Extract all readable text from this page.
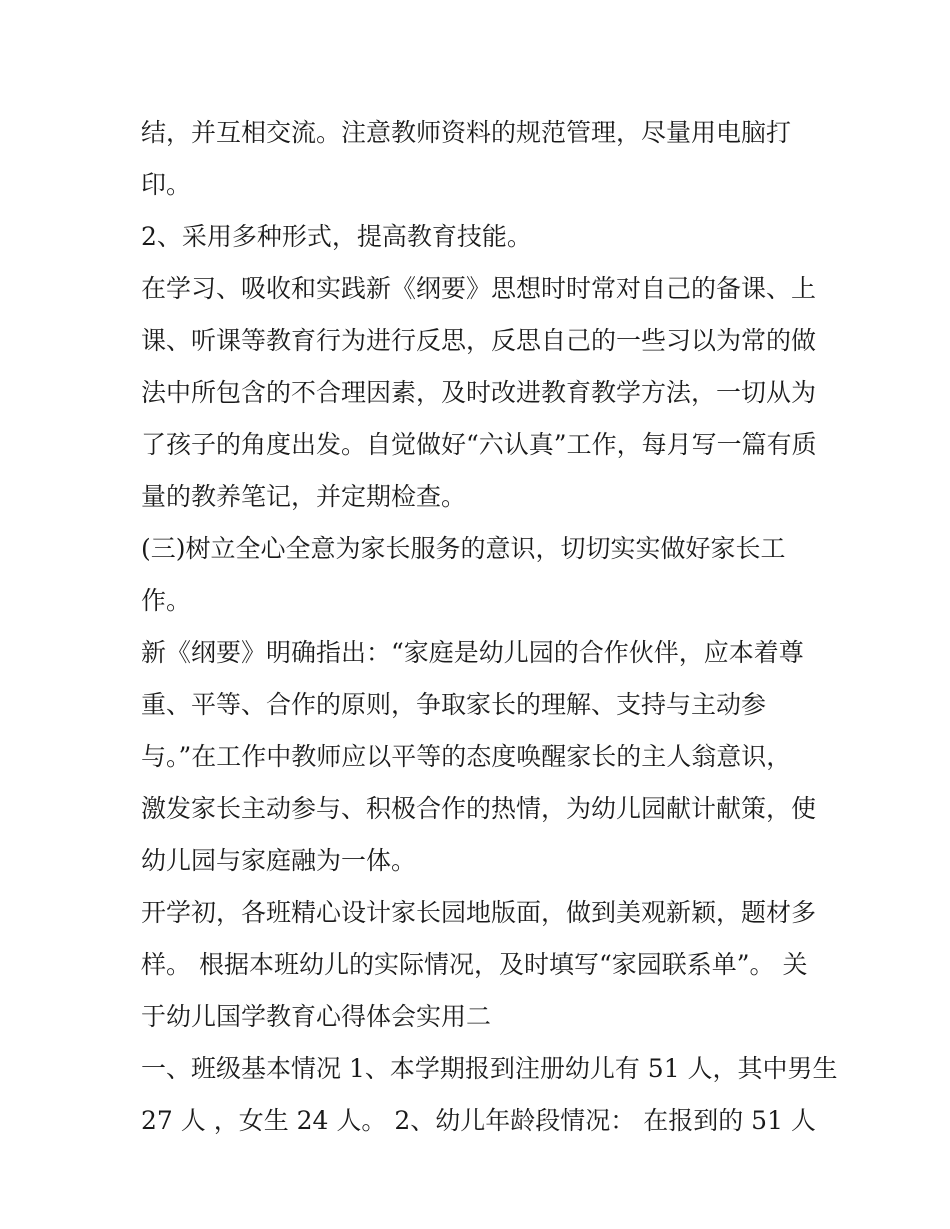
结，并互相交流。注意教师资料的规范管理，尽量用电脑打

印。

2、采用多种形式，提高教育技能。

在学习、吸收和实践新《纲要》思想时时常对自己的备课、上

课、听课等教育行为进行反思，反思自己的一些习以为常的做

法中所包含的不合理因素，及时改进教育教学方法，一切从为

了孩子的角度出发。自觉做好“六认真”工作，每月写一篇有质

量的教养笔记，并定期检查。

(三)树立全心全意为家长服务的意识，切切实实做好家长工

作。

新《纲要》明确指出：“家庭是幼儿园的合作伙伴，应本着尊

重、平等、合作的原则，争取家长的理解、支持与主动参

与。”在工作中教师应以平等的态度唤醒家长的主人翁意识，

激发家长主动参与、积极合作的热情，为幼儿园献计献策，使

幼儿园与家庭融为一体。

开学初，各班精心设计家长园地版面，做到美观新颖，题材多

样。 根据本班幼儿的实际情况，及时填写“家园联系单”。 关

于幼儿国学教育心得体会实用二

一、班级基本情况 1、本学期报到注册幼儿有 51 人，其中男生

27 人 ，女生 24 人。 2、幼儿年龄段情况： 在报到的 51 人
